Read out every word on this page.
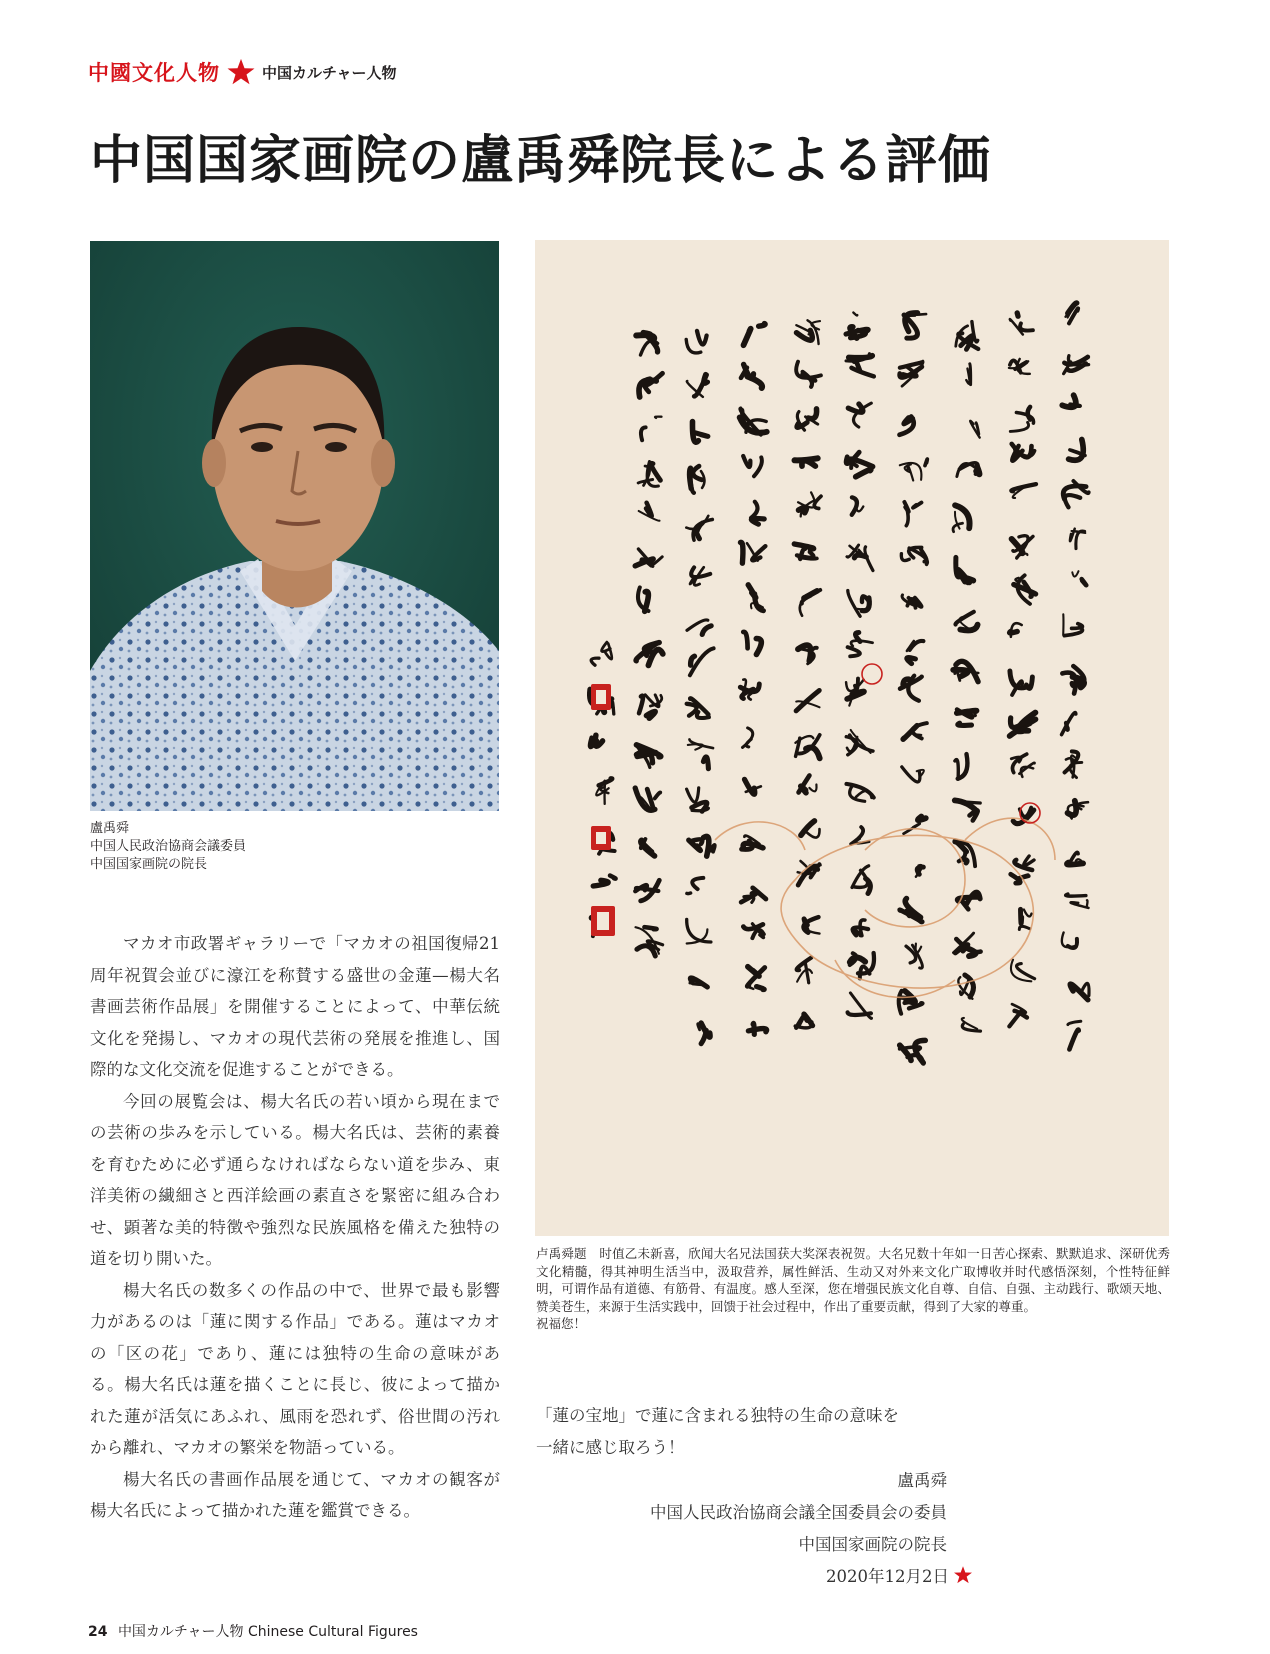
中國文化人物	中国カルチャー人物
中国国家画院の盧禹舜院長による評価
盧禹舜
中国人民政治協商会議委員
中国国家画院の院長

マカオ市政署ギャラリーで「マカオの祖国復帰21周年祝賀会並びに濠江を称賛する盛世の金蓮—楊大名書画芸術作品展」を開催することによって、中華伝統文化を発揚し、マカオの現代芸術の発展を推進し、国際的な文化交流を促進することができる。

今回の展覧会は、楊大名氏の若い頃から現在までの芸術の歩みを示している。楊大名氏は、芸術的素養を育むために必ず通らなければならない道を歩み、東洋美術の繊細さと西洋絵画の素直さを緊密に組み合わせ、顕著な美的特徴や強烈な民族風格を備えた独特の道を切り開いた。

楊大名氏の数多くの作品の中で、世界で最も影響力があるのは「蓮に関する作品」である。蓮はマカオの「区の花」であり、蓮には独特の生命の意味がある。楊大名氏は蓮を描くことに長じ、彼によって描かれた蓮が活気にあふれ、風雨を恐れず、俗世間の汚れから離れ、マカオの繁栄を物語っている。

楊大名氏の書画作品展を通じて、マカオの観客が楊大名氏によって描かれた蓮を鑑賞できる。

卢禹舜题　时值乙未新喜，欣闻大名兄法国获大奖深表祝贺。大名兄数十年如一日苦心探索、默默追求、深研优秀文化精髓，得其神明生活当中，汲取营养，属性鲜活、生动又对外来文化广取博收并时代感悟深刻，个性特征鲜明，可谓作品有道德、有筋骨、有温度。感人至深，您在增强民族文化自尊、自信、自强、主动践行、歌颂天地、赞美苍生，来源于生活实践中，回馈于社会过程中，作出了重要贡献，得到了大家的尊重。
祝福您！
「蓮の宝地」で蓮に含まれる独特の生命の意味を
一緒に感じ取ろう！
盧禹舜
中国人民政治協商会議全国委員会の委員
中国国家画院の院長
2020年12月2日
24 中国カルチャー人物 Chinese Cultural Figures
